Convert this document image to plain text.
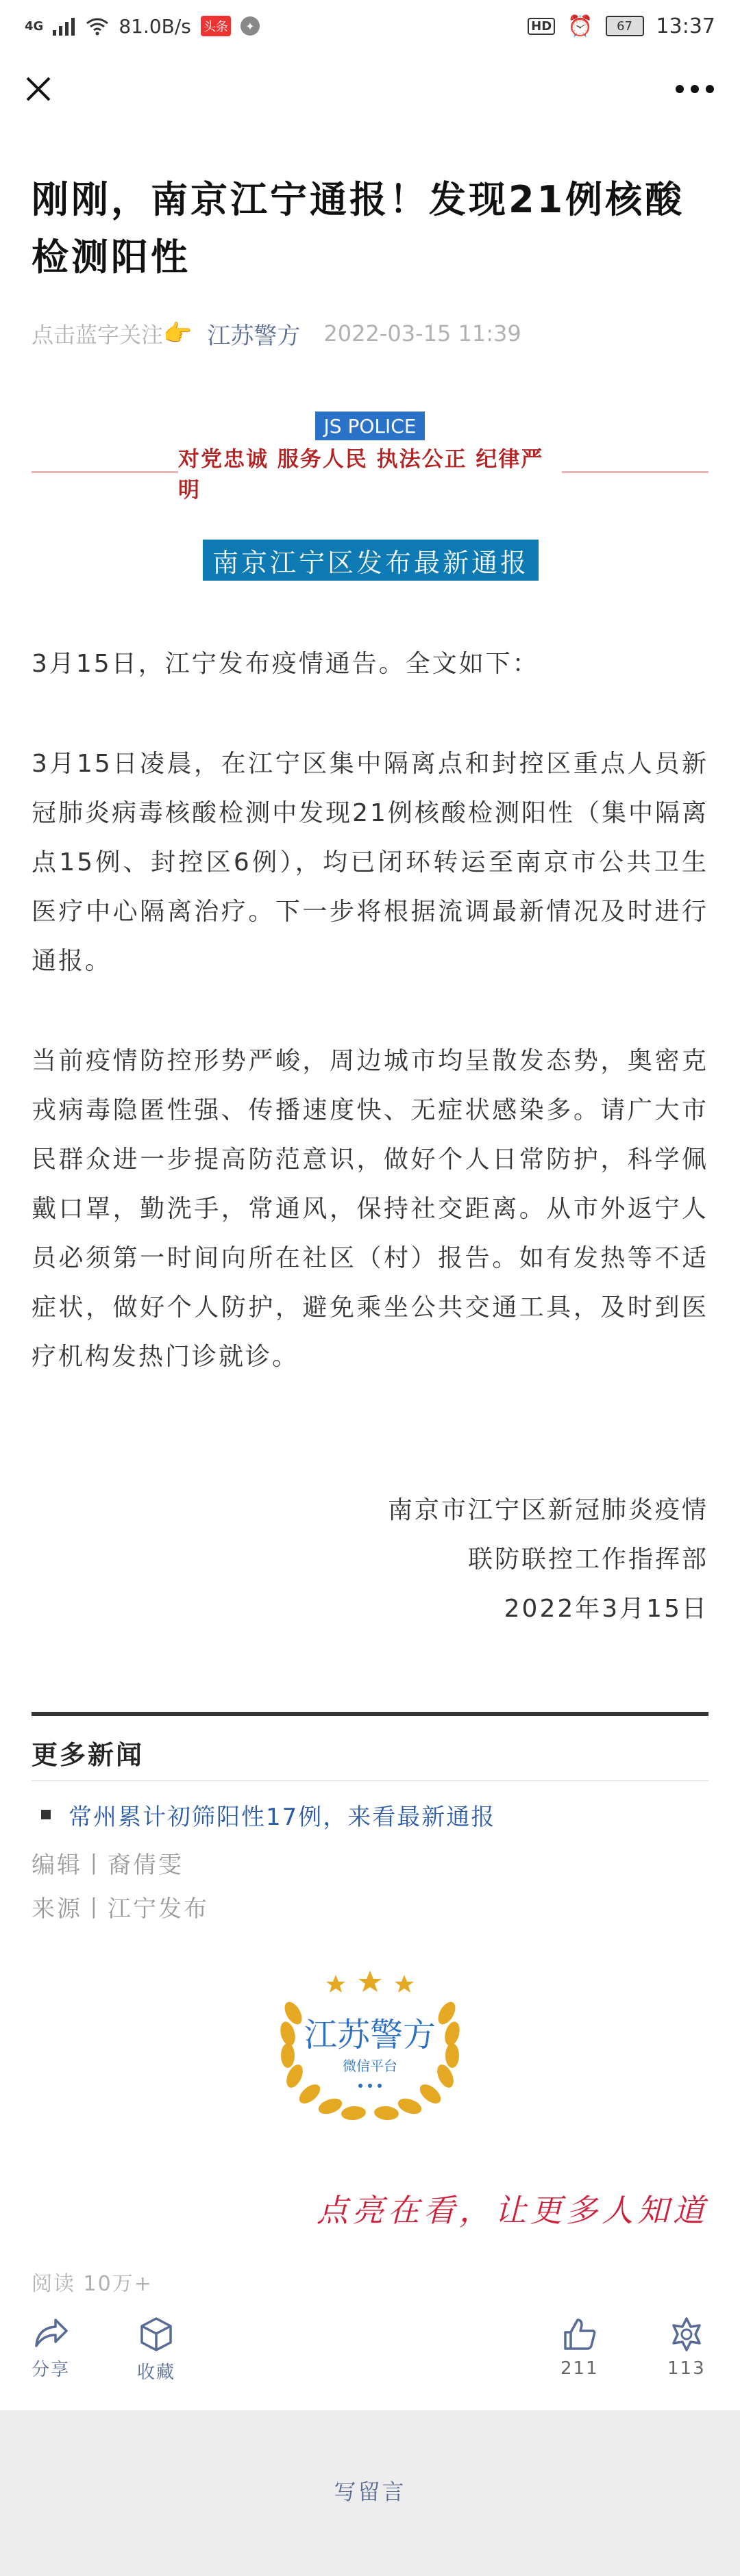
4G	81.0B/s 头条	✦	HD ⏰ 67 13:37
刚刚，南京江宁通报！发现21例核酸检测阳性
点击蓝字关注 👉 江苏警方 2022-03-15 11:39
JS POLICE
对党忠诚 服务人民 执法公正 纪律严明
南京江宁区发布最新通报
3月15日，江宁发布疫情通告。全文如下：
3月15日凌晨，在江宁区集中隔离点和封控区重点人员新冠肺炎病毒核酸检测中发现21例核酸检测阳性（集中隔离点15例、封控区6例），均已闭环转运至南京市公共卫生医疗中心隔离治疗。下一步将根据流调最新情况及时进行通报。
当前疫情防控形势严峻，周边城市均呈散发态势，奥密克戎病毒隐匿性强、传播速度快、无症状感染多。请广大市民群众进一步提高防范意识，做好个人日常防护，科学佩戴口罩，勤洗手，常通风，保持社交距离。从市外返宁人员必须第一时间向所在社区（村）报告。如有发热等不适症状，做好个人防护，避免乘坐公共交通工具，及时到医疗机构发热门诊就诊。
南京市江宁区新冠肺炎疫情
联防联控工作指挥部
2022年3月15日
更多新闻
常州累计初筛阳性17例，来看最新通报
编辑丨裔倩雯
来源丨江宁发布
江苏警方
微信平台
点亮在看，让更多人知道
阅读 10万+
分享	收藏	211	113
写留言
